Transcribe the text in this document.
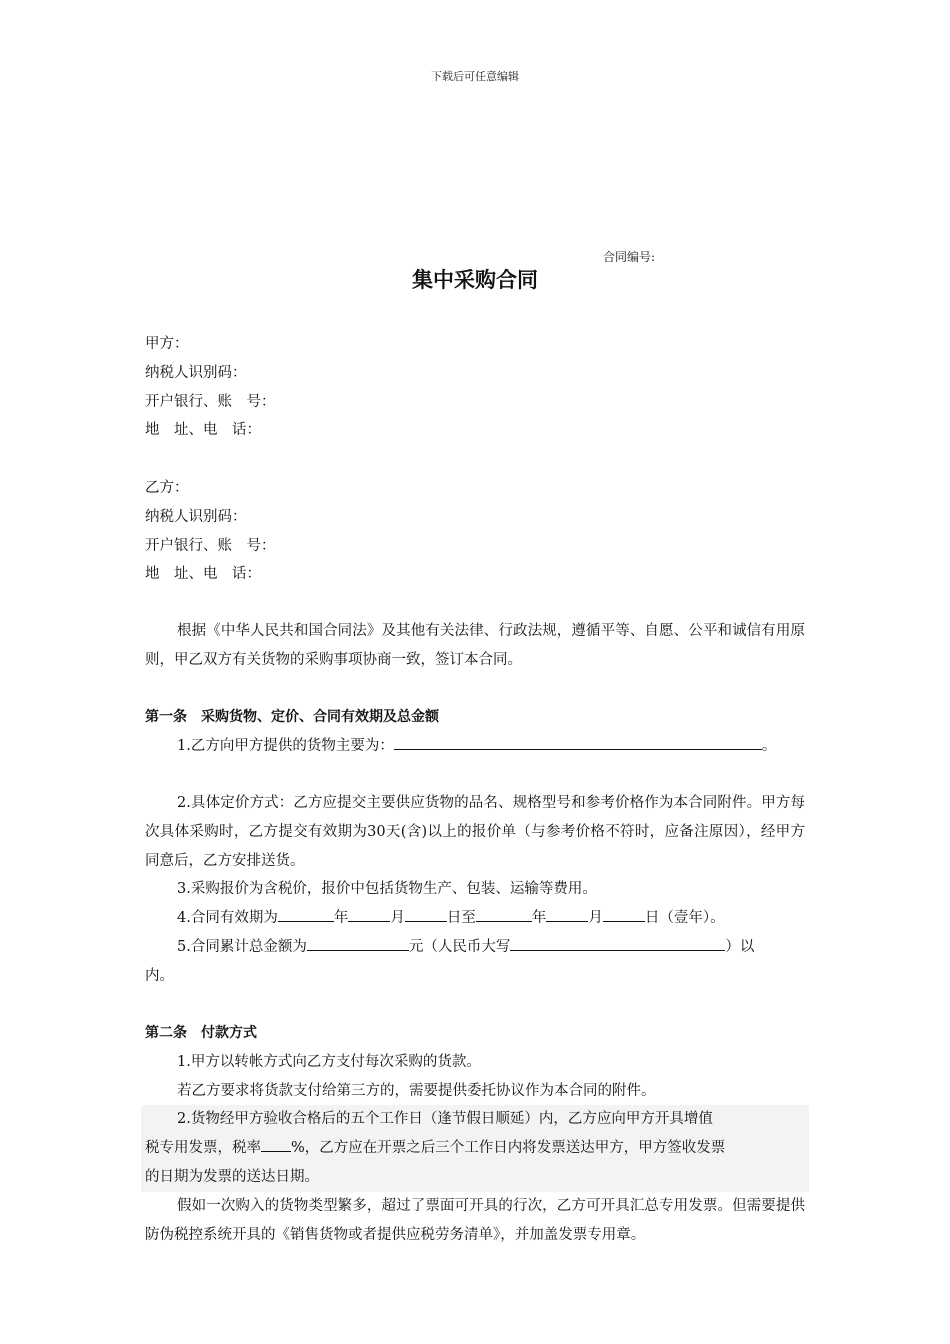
下载后可任意编辑
合同编号:
集中采购合同
甲方：
纳税人识别码：
开户银行、账　号：
地　址、电　话：
乙方：
纳税人识别码：
开户银行、账　号：
地　址、电　话：
根据《中华人民共和国合同法》及其他有关法律、行政法规，遵循平等、自愿、公平和诚信有用原则，甲乙双方有关货物的采购事项协商一致，签订本合同。
第一条　采购货物、定价、合同有效期及总金额
1.乙方向甲方提供的货物主要为：	。
2.具体定价方式：乙方应提交主要供应货物的品名、规格型号和参考价格作为本合同附件。甲方每次具体采购时，乙方提交有效期为30天(含)以上的报价单（与参考价格不符时，应备注原因），经甲方同意后，乙方安排送货。
3.采购报价为含税价，报价中包括货物生产、包装、运输等费用。
4.合同有效期为	年	月	日至	年	月	日（壹年）。
5.合同累计总金额为	元（人民币大写	）以
内。
第二条　付款方式
1.甲方以转帐方式向乙方支付每次采购的货款。
若乙方要求将货款支付给第三方的，需要提供委托协议作为本合同的附件。
2.货物经甲方验收合格后的五个工作日（逢节假日顺延）内，乙方应向甲方开具增值
税专用发票，税率 %，乙方应在开票之后三个工作日内将发票送达甲方，甲方签收发票
的日期为发票的送达日期。
假如一次购入的货物类型繁多，超过了票面可开具的行次，乙方可开具汇总专用发票。但需要提供防伪税控系统开具的《销售货物或者提供应税劳务清单》，并加盖发票专用章。
